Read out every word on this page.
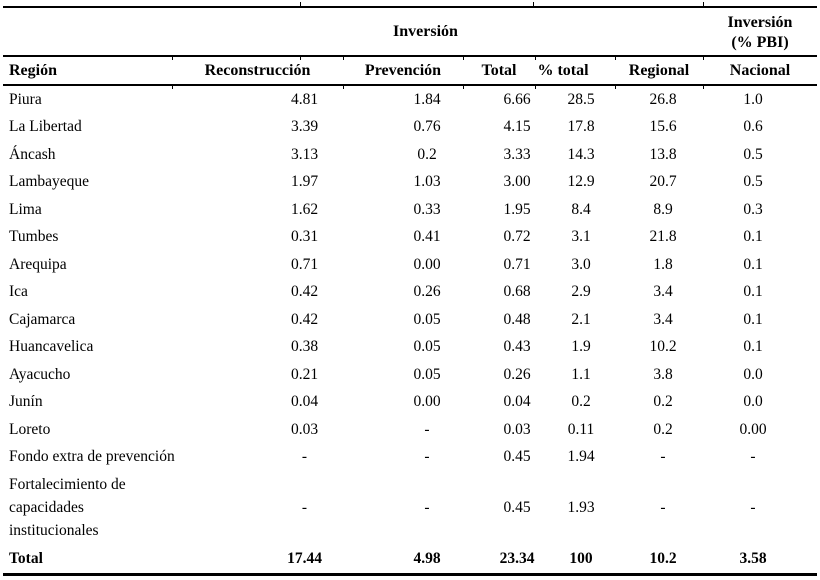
	Inversión					Inversión
(% PBI)

Región	Reconstrucción	Prevención	Total	% total	Regional	Nacional
Piura	4.81	1.84	6.66	28.5	26.8	1.0
La Libertad	3.39	0.76	4.15	17.8	15.6	0.6
Áncash	3.13	0.2	3.33	14.3	13.8	0.5
Lambayeque	1.97	1.03	3.00	12.9	20.7	0.5
Lima	1.62	0.33	1.95	8.4	8.9	0.3
Tumbes	0.31	0.41	0.72	3.1	21.8	0.1
Arequipa	0.71	0.00	0.71	3.0	1.8	0.1
Ica	0.42	0.26	0.68	2.9	3.4	0.1
Cajamarca	0.42	0.05	0.48	2.1	3.4	0.1
Huancavelica	0.38	0.05	0.43	1.9	10.2	0.1
Ayacucho	0.21	0.05	0.26	1.1	3.8	0.0
Junín	0.04	0.00	0.04	0.2	0.2	0.0
Loreto	0.03	-	0.03	0.11	0.2	0.00
Fondo extra de prevención	-	-	0.45	1.94	-	-
Fortalecimiento de capacidades institucionales	-	-	0.45	1.93	-	-
Total	17.44	4.98	23.34	100	10.2	3.58
